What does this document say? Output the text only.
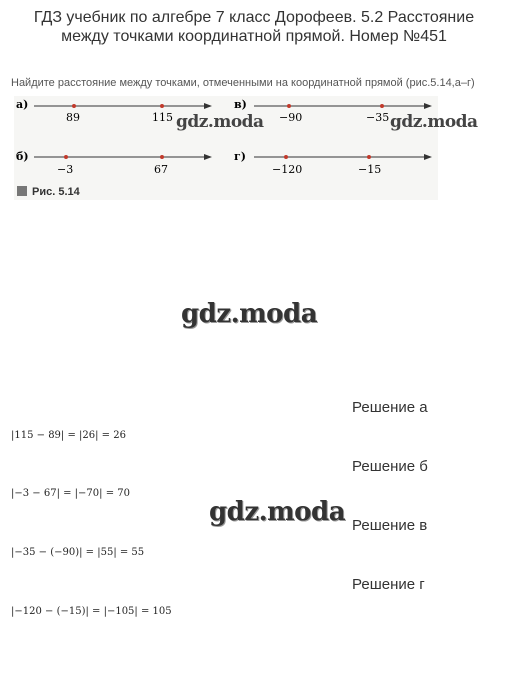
ГДЗ учебник по алгебре 7 класс Дорофеев. 5.2 Расстояние
между точками координатной прямой. Номер №451
Найдите расстояние между точками, отмеченными на координатной прямой (рис.5.14,а–г)
а)
89	115
в)
−90	−35
б)
−3	67
г)
−120	−15
Рис. 5.14
gdz.moda	gdz.moda
gdz.moda
gdz.moda
Решение а
|115 − 89| = |26| = 26
Решение б
|−3 − 67| = |−70| = 70
Решение в
|−35 − (−90)| = |55| = 55
Решение г
|−120 − (−15)| = |−105| = 105
